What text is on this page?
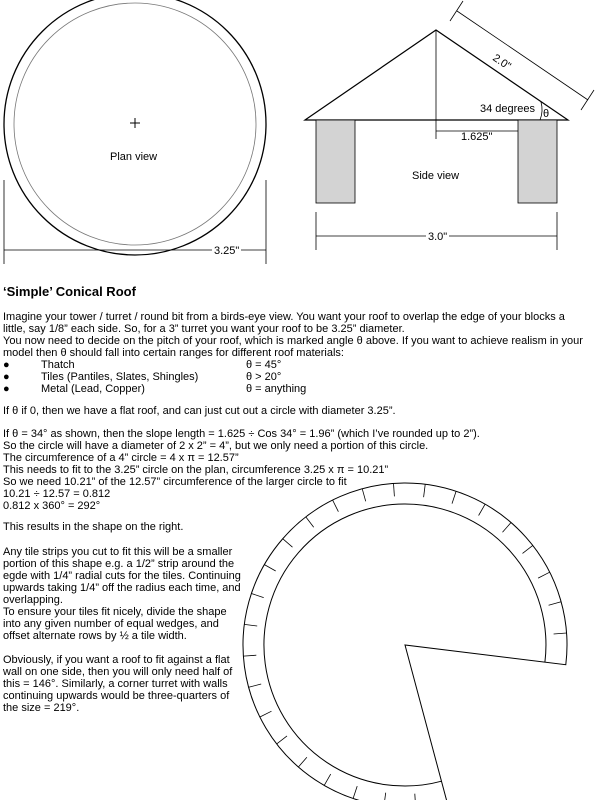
Plan view
3.25"
2.0"
34 degrees θ
1.625"
Side view
3.0"
‘Simple’ Conical Roof
Imagine your tower / turret / round bit from a birds-eye view. You want your roof to overlap the edge of your blocks a
little, say 1/8” each side. So, for a 3” turret you want your roof to be 3.25” diameter.
You now need to decide on the pitch of your roof, which is marked angle θ above. If you want to achieve realism in your
model then θ should fall into certain ranges for different roof materials:
●	Thatch	θ = 45°
●	Tiles (Pantiles, Slates, Shingles)	θ > 20°
●	Metal (Lead, Copper)	θ = anything
If θ if 0, then we have a flat roof, and can just cut out a circle with diameter 3.25”.
If θ = 34° as shown, then the slope length = 1.625 ÷ Cos 34° = 1.96” (which I’ve rounded up to 2”).
So the circle will have a diameter of 2 x 2” = 4”, but we only need a portion of this circle.
The circumference of a 4” circle = 4 x π = 12.57”
This needs to fit to the 3.25” circle on the plan, circumference 3.25 x π = 10.21”
So we need 10.21” of the 12.57” circumference of the larger circle to fit
10.21 ÷ 12.57 = 0.812
0.812 x 360° = 292°
This results in the shape on the right.
Any tile strips you cut to fit this will be a smaller
portion of this shape e.g. a 1/2” strip around the
egde with 1/4” radial cuts for the tiles. Continuing
upwards taking 1/4” off the radius each time, and
overlapping.
To ensure your tiles fit nicely, divide the shape
into any given number of equal wedges, and
offset alternate rows by ½ a tile width.
Obviously, if you want a roof to fit against a flat
wall on one side, then you will only need half of
this = 146°. Similarly, a corner turret with walls
continuing upwards would be three-quarters of
the size = 219°.
